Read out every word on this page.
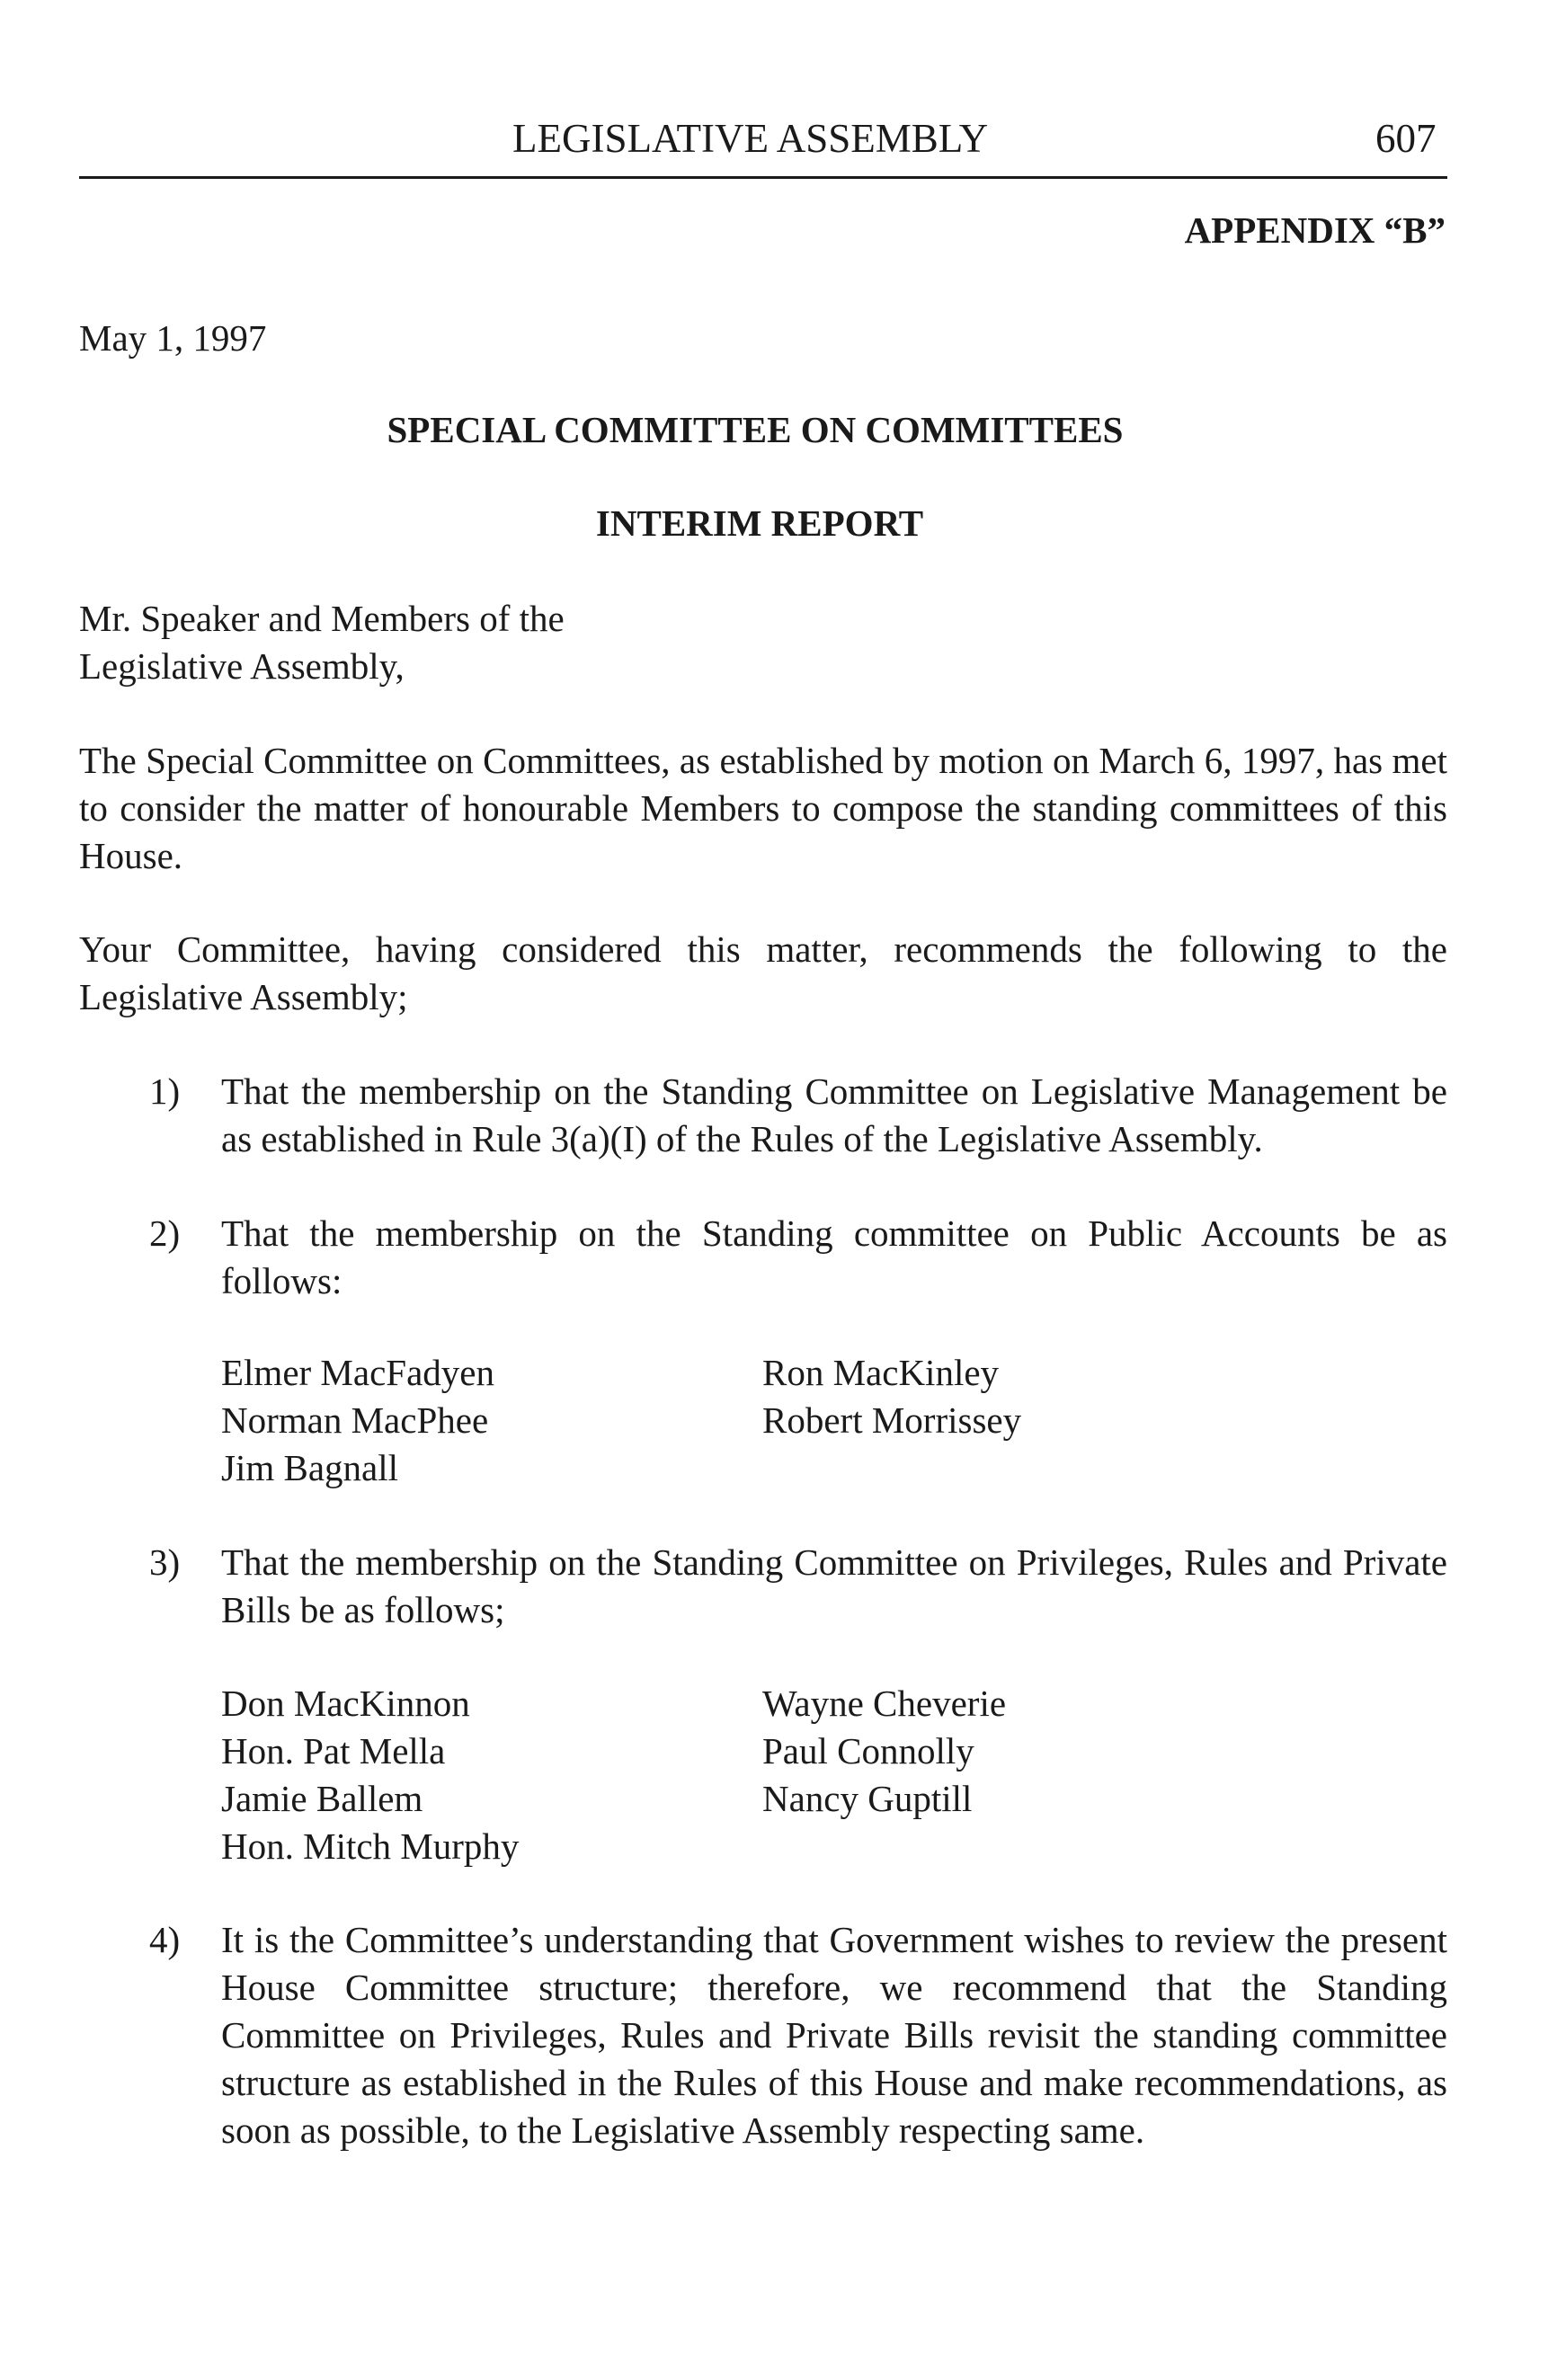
LEGISLATIVE ASSEMBLY	607
APPENDIX “B”
May 1, 1997
SPECIAL COMMITTEE ON COMMITTEES
INTERIM REPORT
Mr. Speaker and Members of the
Legislative Assembly,
The Special Committee on Committees, as established by motion on March 6, 1997, has met to consider the matter of honourable Members to compose the standing committees of this House.
Your Committee, having considered this matter, recommends the following to the Legislative Assembly;
1) That the membership on the Standing Committee on Legislative Management be as established in Rule 3(a)(I) of the Rules of the Legislative Assembly.
2) That the membership on the Standing committee on Public Accounts be as follows:
Elmer MacFadyen
Norman MacPhee
Jim Bagnall
Ron MacKinley
Robert Morrissey
3) That the membership on the Standing Committee on Privileges, Rules and Private Bills be as follows;
Don MacKinnon
Hon. Pat Mella
Jamie Ballem
Hon. Mitch Murphy
Wayne Cheverie
Paul Connolly
Nancy Guptill
4) It is the Committee’s understanding that Government wishes to review the present House Committee structure; therefore, we recommend that the Standing Committee on Privileges, Rules and Private Bills revisit the standing committee structure as established in the Rules of this House and make recommendations, as soon as possible, to the Legislative Assembly respecting same.
